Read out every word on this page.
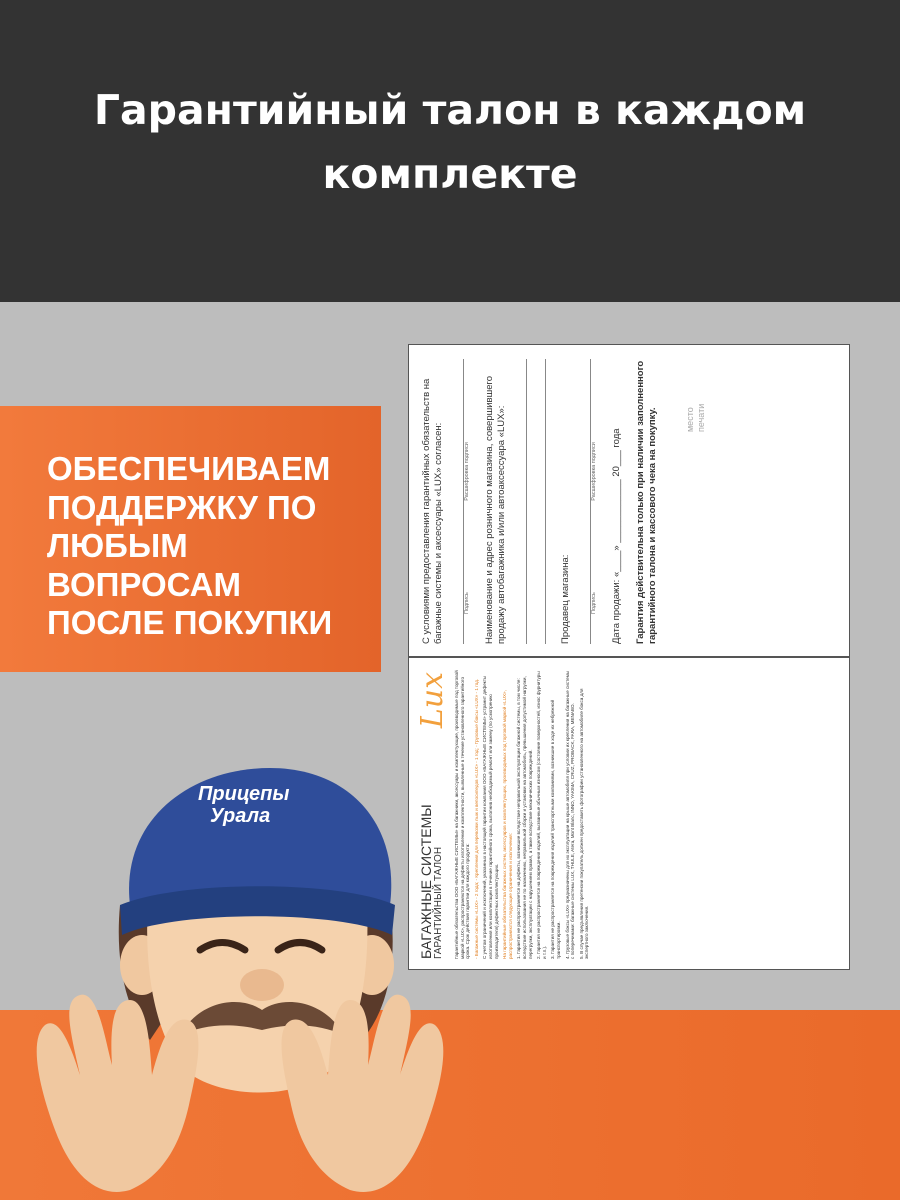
Гарантийный талон в каждом комплекте

ОБЕСПЕЧИВАЕМ ПОДДЕРЖКУ ПО ЛЮБЫМ ВОПРОСАМ ПОСЛЕ ПОКУПКИ	С условиями предоставления гарантийных обязательств на багажные системы и аксессуары «LUX» согласен:	Подпись Расшифровка подписи Наименование и адрес розничного магазина, совершившего продажу автобагажника и/или автоаксессуара «LUX»:	Продавец магазина:	Подпись Расшифровка подписи Дата продажи: «____» ____________ 20___ года Гарантия действительна только при наличии заполненного гарантийного талона и кассового чека на покупку.	место печати
Lux
БАГАЖНЫЕ СИСТЕМЫ ГАРАНТИЙНЫЙ ТАЛОН Гарантийные обязательства ООО «БАГАЖНЫЕ СИСТЕМЫ» на багажники, аксессуары и комплектующие, производимые под торговой маркой «LUX», распространяются на дефекты изготовления и комплектности, выявленные в течение установленного гарантийного срока. Срок действия гарантии для каждого продукта: - Багажные системы «LUX» - 2 года; - Крепления для перевозки лыж и велосипедов «LUX» - 1 год; - Грузовые боксы «LUX» - 1 год. С учетом ограничений и исключений, указанных в настоящей гарантии компания ООО «БАГАЖНЫЕ СИСТЕМЫ» устранит дефекты изготовления или комплектации в течение гарантийного срока, выполнив необходимый ремонт или замену (по усмотрению производителя) дефектных комплектующих. На гарантийные обязательства багажных систем, аксессуаров и комплектующих, производимых под торговой маркой «LUX», распространяются следующие ограничения и исключения: 1. Гарантия не распространяется на дефекты, возникшие вследствие неправильной эксплуатации багажной системы, в том числе: вследствие использования не по назначению, неправильной сборки и установки на автомобиль, превышения допустимой нагрузки, перегрузки, эксплуатации с нарушением правил, а также вследствие механических повреждений. 2. Гарантия не распространяется на повреждения изделий, вызванные обычным износом (состояние поверхностей, износ фурнитуры и т.п.). 3. Гарантия не распространяется на повреждения изделий транспортными компаниями, возникшие в ходе их небрежной транспортировки. 4. Грузовые боксы «LUX» предназначены для их эксплуатации на крыше автомобиля при условии их крепления на багажные системы с поперечинами: багажные системы LUX, THULE, Atera, Mont Blanc, INNO, YAKIMA, CRUZ, PROBACK, FARA, MENABO. 5. В случае предъявления претензии покупатель должен предоставить фотографии установленного на автомобиле бокса для экспертного заключения.

Прицепы
Урала
